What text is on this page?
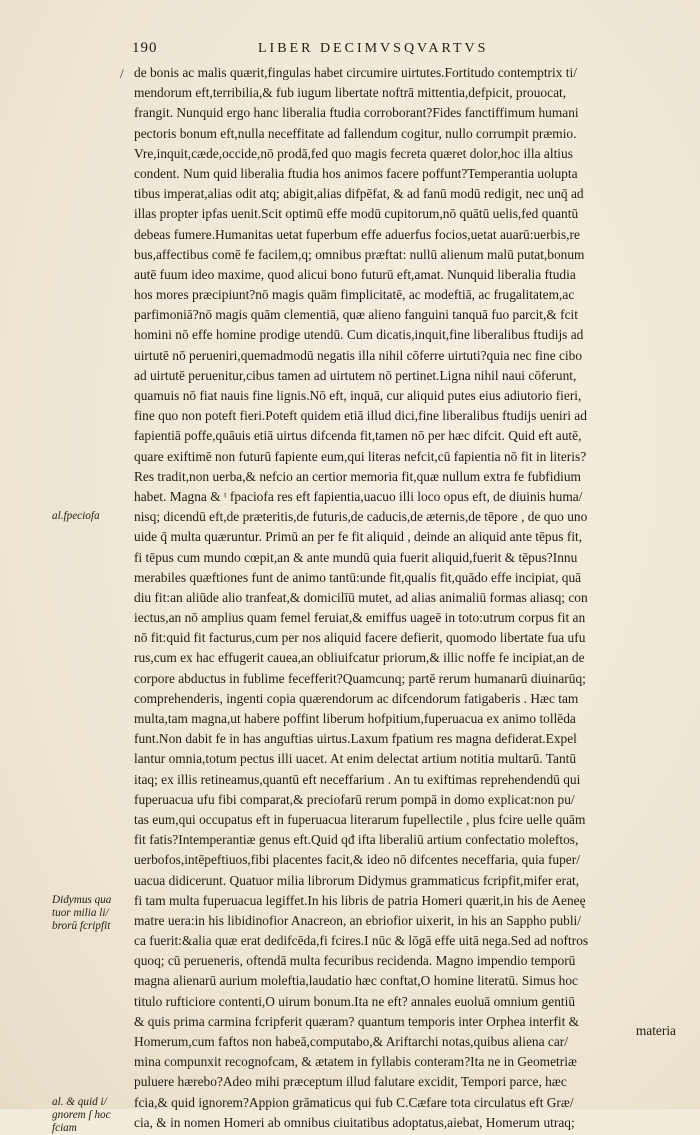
190	LIBER DECIMVSQVARTVS
/ de bonis ac malis quærit,fingulas habet circumire uirtutes.Fortitudo contemptrix ti/
mendorum eft,terribilia,& fub iugum libertate noftrā mittentia,defpicit, prouocat,
frangit. Nunquid ergo hanc liberalia ftudia corroborant?Fides fanctiffimum humani
pectoris bonum eft,nulla neceffitate ad fallendum cogitur, nullo corrumpit præmio.
Vre,inquit,cæde,occide,nō prodā,fed quo magis fecreta quæret dolor,hoc illa altius
condent. Num quid liberalia ftudia hos animos facere poffunt?Temperantia uolupta
tibus imperat,alias odit atq; abigit,alias difpēfat, & ad fanū modū redigit, nec unq̄ ad
illas propter ipfas uenit.Scit optimū effe modū cupitorum,nō quātū uelis,fed quantū
debeas fumere.Humanitas uetat fuperbum effe aduerfus focios,uetat auarū:uerbis,re
bus,affectibus comē fe facilem,q; omnibus præftat: nullū alienum malū putat,bonum
autē fuum ideo maxime, quod alicui bono futurū eft,amat. Nunquid liberalia ftudia
hos mores præcipiunt?nō magis quām fimplicitatē, ac modeftiā, ac frugalitatem,ac
parfimoniā?nō magis quām clementiā, quæ alieno fanguini tanquā fuo parcit,& fcit
homini nō effe homine prodige utendū. Cum dicatis,inquit,fine liberalibus ftudijs ad
uirtutē nō perueniri,quemadmodū negatis illa nihil cōferre uirtuti?quia nec fine cibo
ad uirtutē peruenitur,cibus tamen ad uirtutem nō pertinet.Ligna nihil naui cōferunt,
quamuis nō fiat nauis fine lignis.Nō eft, inquā, cur aliquid putes eius adiutorio fieri,
fine quo non poteft fieri.Poteft quidem etiā illud dici,fine liberalibus ftudijs ueniri ad
fapientiā poffe,quāuis etiā uirtus difcenda fit,tamen nō per hæc difcit. Quid eft autē,
quare exiftimē non futurū fapiente eum,qui literas nefcit,cū fapientia nō fit in literis?
Res tradit,non uerba,& nefcio an certior memoria fit,quæ nullum extra fe fubfidium
habet. Magna & ᵗ fpaciofa res eft fapientia,uacuo illi loco opus eft, de diuinis huma/
nisq; dicendū eft,de præteritis,de futuris,de caducis,de æternis,de tēpore , de quo uno
uide q̄ multa quæruntur. Primū an per fe fit aliquid , deinde an aliquid ante tēpus fit,
fi tēpus cum mundo cœpit,an & ante mundū quia fuerit aliquid,fuerit & tēpus?Innu
merabiles quæftiones funt de animo tantū:unde fit,qualis fit,quādo effe incipiat, quā
diu fit:an aliūde alio tranfeat,& domicilīū mutet, ad alias animaliū formas aliasq; con
iectus,an nō amplius quam femel feruiat,& emiffus uageē in toto:utrum corpus fit an
nō fit:quid fit facturus,cum per nos aliquid facere defierit, quomodo libertate fua ufu
rus,cum ex hac effugerit cauea,an obliuifcatur priorum,& illic noffe fe incipiat,an de
corpore abductus in fublime fecefferit?Quamcunq; partē rerum humanarū diuinarūq;
comprehenderis, ingenti copia quærendorum ac difcendorum fatigaberis . Hæc tam
multa,tam magna,ut habere poffint liberum hofpitium,fuperuacua ex animo tollēda
funt.Non dabit fe in has anguftias uirtus.Laxum fpatium res magna defiderat.Expel
lantur omnia,totum pectus illi uacet. At enim delectat artium notitia multarū. Tantū
itaq; ex illis retineamus,quantū eft neceffarium . An tu exiftimas reprehendendū qui
fuperuacua ufu fibi comparat,& preciofarū rerum pompā in domo explicat:non pu/
tas eum,qui occupatus eft in fuperuacua literarum fupellectile , plus fcire uelle quām
fit fatis?Intemperantiæ genus eft.Quid qđ ifta liberaliū artium confectatio moleftos,
uerbofos,intēpeftiuos,fibi placentes facit,& ideo nō difcentes neceffaria, quia fuper/
uacua didicerunt. Quatuor milia librorum Didymus grammaticus fcripfit,mifer erat,
fi tam multa fuperuacua legiffet.In his libris de patria Homeri quærit,in his de Aeneę
matre uera:in his libidinofior Anacreon, an ebriofior uixerit, in his an Sappho publi/
ca fuerit:&alia quæ erat dedifcēda,fi fcires.I nūc & lōgā effe uitā nega.Sed ad noftros
quoq; cū perueneris, oftendā multa fecuribus recidenda. Magno impendio temporū
magna alienarū aurium moleftia,laudatio hæc conftat,O homine literatū. Simus hoc
titulo rufticiore contenti,O uirum bonum.Ita ne eft? annales euoluā omnium gentiū
& quis prima carmina fcripferit quæram? quantum temporis inter Orphea interfit &
Homerum,cum faftos non habeā,computabo,& Ariftarchi notas,quibus aliena car/
mina compunxit recognofcam, & ætatem in fyllabis conteram?Ita ne in Geometriæ
puluere hærebo?Adeo mihi præceptum illud falutare excidit, Tempori parce, hæc
fcia,& quid ignorem?Appion grāmaticus qui fub C.Cæfare tota circulatus eft Græ/
cia, & in nomen Homeri ab omnibus ciuitatibus adoptatus,aiebat, Homerum utraq;
al.fpeciofa
Didymus qua tuor milia li/ brorū fcripfit
al. & quid i/ gnorem ſ hoc fciam
materia
